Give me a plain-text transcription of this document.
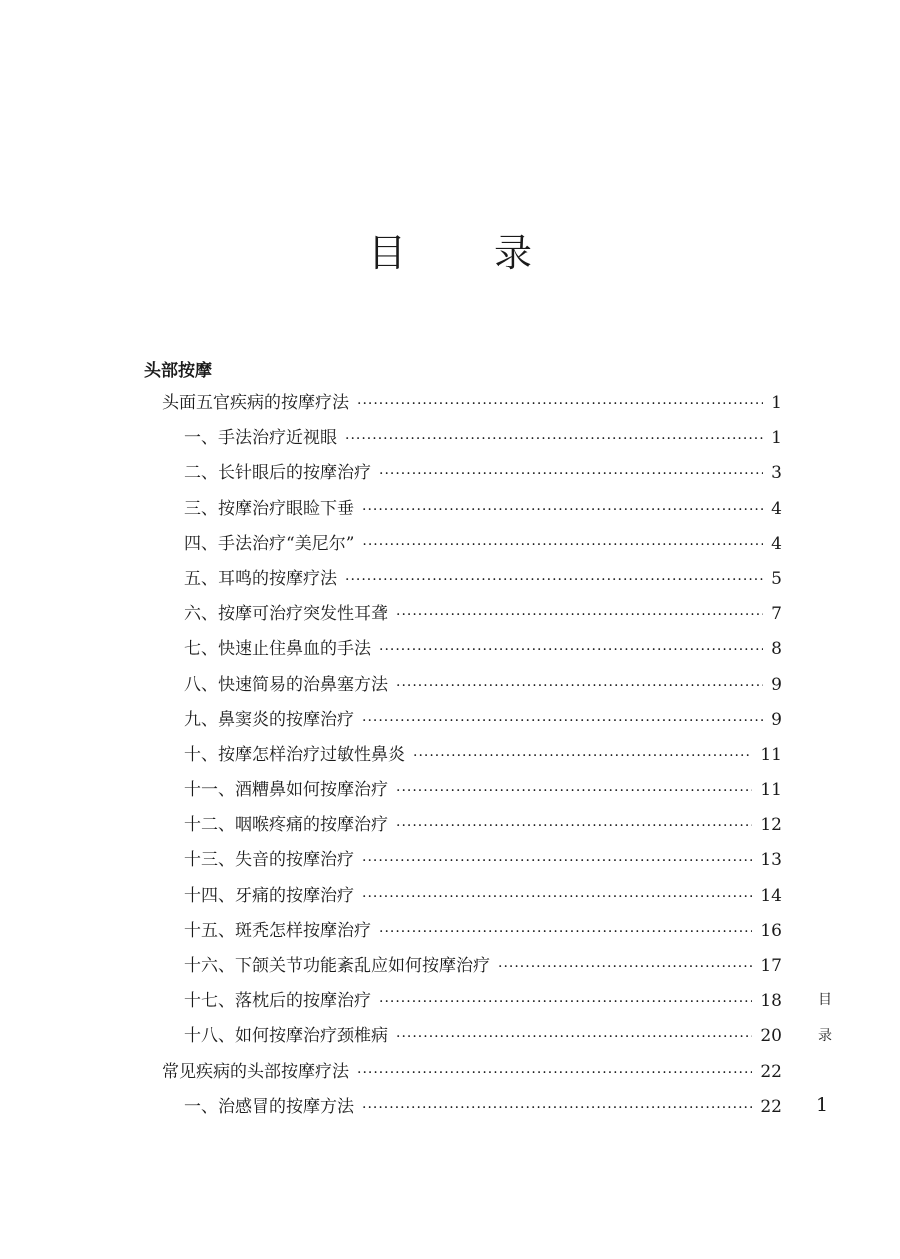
目 录
头部按摩
头面五官疾病的按摩疗法 ·····	1
一、手法治疗近视眼 ·····	1
二、长针眼后的按摩治疗 ·····	3
三、按摩治疗眼睑下垂 ·····	4
四、手法治疗“美尼尔” ·····	4
五、耳鸣的按摩疗法 ·····	5
六、按摩可治疗突发性耳聋 ·····	7
七、快速止住鼻血的手法 ·····	8
八、快速简易的治鼻塞方法 ·····	9
九、鼻窦炎的按摩治疗 ·····	9
十、按摩怎样治疗过敏性鼻炎 ·····	11
十一、酒糟鼻如何按摩治疗 ·····	11
十二、咽喉疼痛的按摩治疗 ·····	12
十三、失音的按摩治疗 ·····	13
十四、牙痛的按摩治疗 ·····	14
十五、斑秃怎样按摩治疗 ·····	16
十六、下颌关节功能紊乱应如何按摩治疗 ·····	17
十七、落枕后的按摩治疗 ·····	18
十八、如何按摩治疗颈椎病 ·····	20
常见疾病的头部按摩疗法 ·····	22
一、治感冒的按摩方法 ·····	22
目
录
1
